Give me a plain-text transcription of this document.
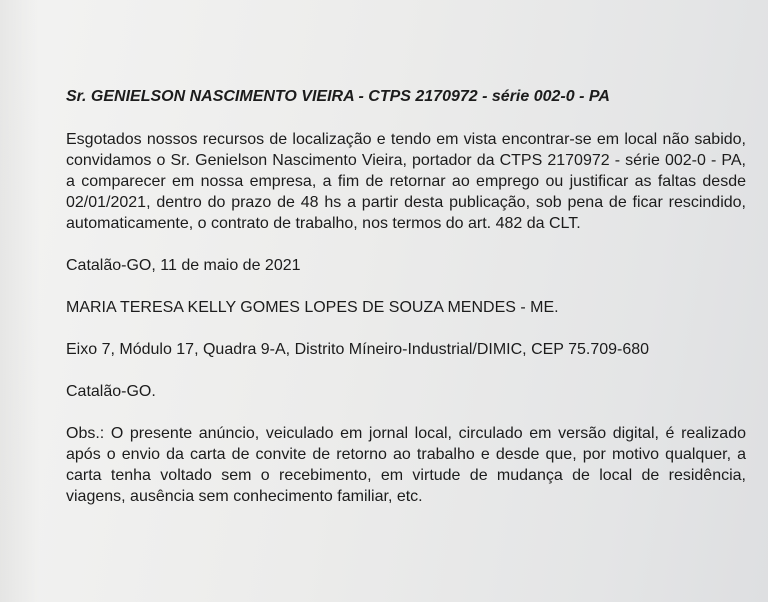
Sr. GENIELSON NASCIMENTO VIEIRA - CTPS 2170972 - série 002-0 - PA
Esgotados nossos recursos de localização e tendo em vista encontrar-se em local não sabido, convidamos o Sr. Genielson Nascimento Vieira, portador da CTPS 2170972 - série 002-0 - PA, a comparecer em nossa empresa, a fim de retornar ao emprego ou justificar as faltas desde 02/01/2021, dentro do prazo de 48 hs a partir desta publicação, sob pena de ficar rescindido, automaticamente, o contrato de trabalho, nos termos do art. 482 da CLT.
Catalão-GO, 11 de maio de 2021
MARIA TERESA KELLY GOMES LOPES DE SOUZA MENDES - ME.
Eixo 7, Módulo 17, Quadra 9-A, Distrito Míneiro-Industrial/DIMIC, CEP 75.709-680
Catalão-GO.
Obs.: O presente anúncio, veiculado em jornal local, circulado em versão digital, é realizado após o envio da carta de convite de retorno ao trabalho e desde que, por motivo qualquer, a carta tenha voltado sem o recebimento, em virtude de mudança de local de residência, viagens, ausência sem conhecimento familiar, etc.
